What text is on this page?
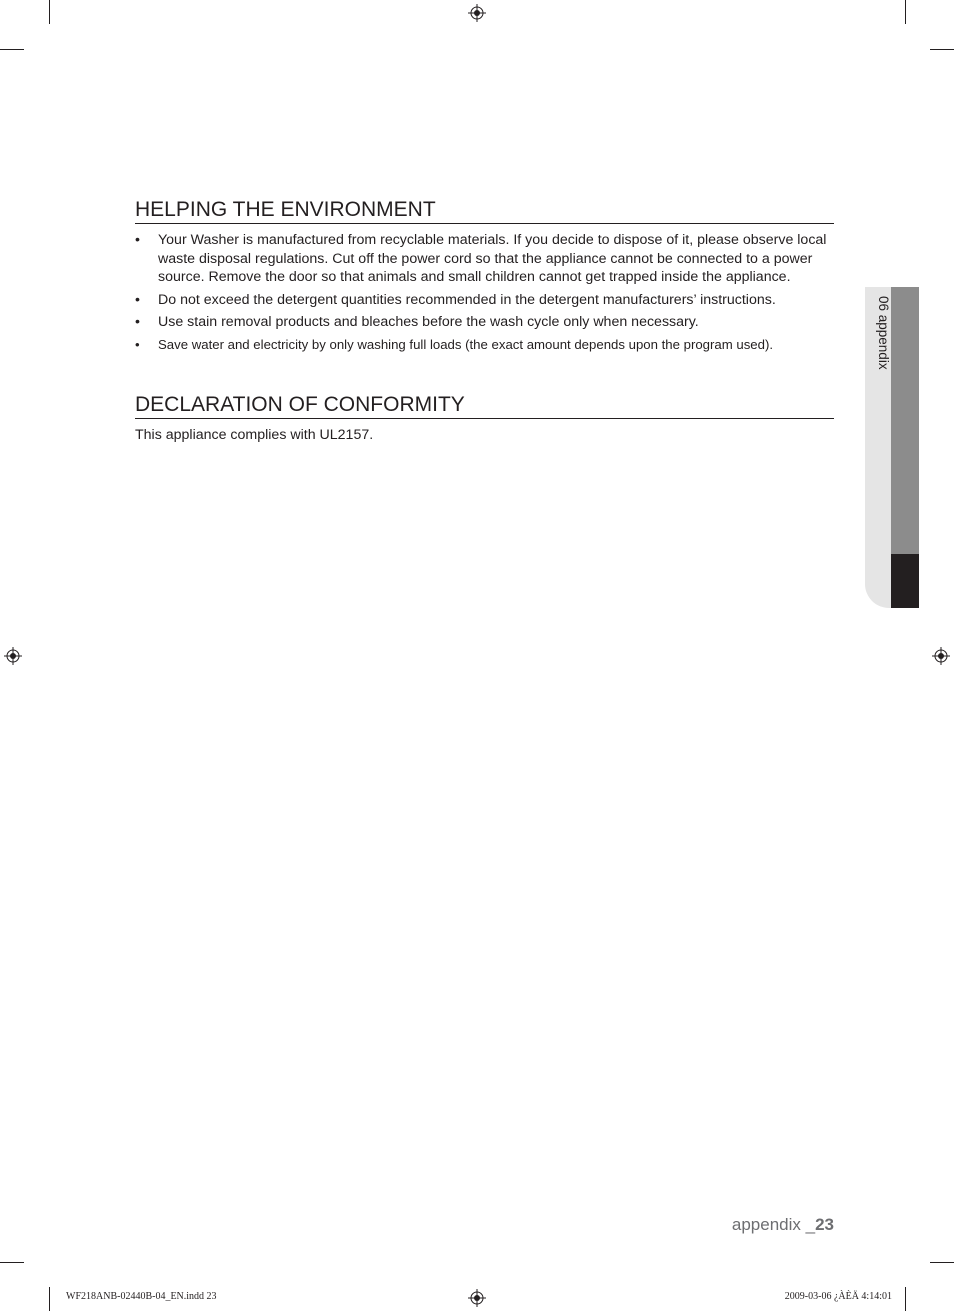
HELPING THE ENVIRONMENT
• Your Washer is manufactured from recyclable materials. If you decide to dispose of it, please observe local waste disposal regulations. Cut off the power cord so that the appliance cannot be connected to a power source. Remove the door so that animals and small children cannot get trapped inside the appliance.
• Do not exceed the detergent quantities recommended in the detergent manufacturers’ instructions.
• Use stain removal products and bleaches before the wash cycle only when necessary.
• Save water and electricity by only washing full loads (the exact amount depends upon the program used).
DECLARATION OF CONFORMITY

This appliance complies with UL2157.

06 appendix
appendix _23
WF218ANB-02440B-04_EN.indd 23	2009-03-06 ¿ÀÈÄ 4:14:01
